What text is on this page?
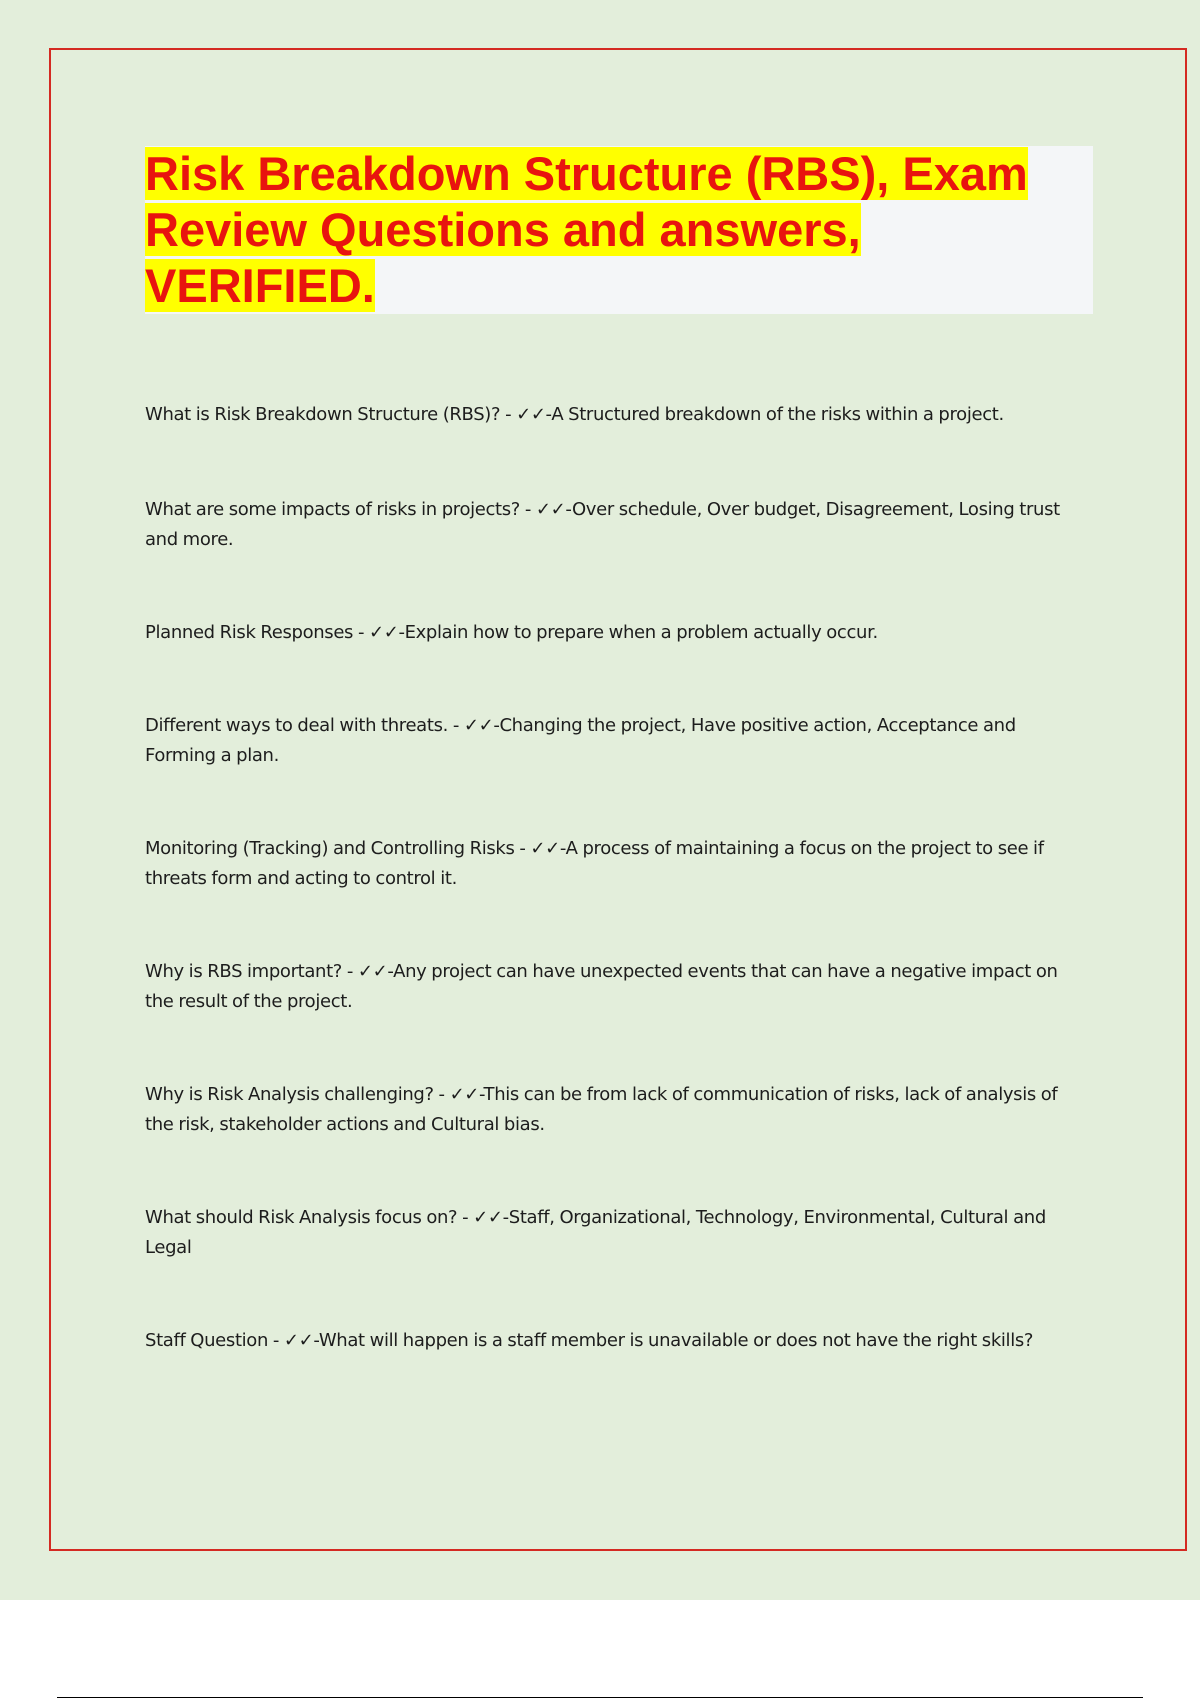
Risk Breakdown Structure (RBS), Exam Review Questions and answers, VERIFIED.
What is Risk Breakdown Structure (RBS)? - ✓✓-A Structured breakdown of the risks within a project.
What are some impacts of risks in projects? - ✓✓-Over schedule, Over budget, Disagreement, Losing trust and more.
Planned Risk Responses - ✓✓-Explain how to prepare when a problem actually occur.
Different ways to deal with threats. - ✓✓-Changing the project, Have positive action, Acceptance and Forming a plan.
Monitoring (Tracking) and Controlling Risks - ✓✓-A process of maintaining a focus on the project to see if threats form and acting to control it.
Why is RBS important? - ✓✓-Any project can have unexpected events that can have a negative impact on the result of the project.
Why is Risk Analysis challenging? - ✓✓-This can be from lack of communication of risks, lack of analysis of the risk, stakeholder actions and Cultural bias.
What should Risk Analysis focus on? - ✓✓-Staff, Organizational, Technology, Environmental, Cultural and Legal
Staff Question - ✓✓-What will happen is a staff member is unavailable or does not have the right skills?
